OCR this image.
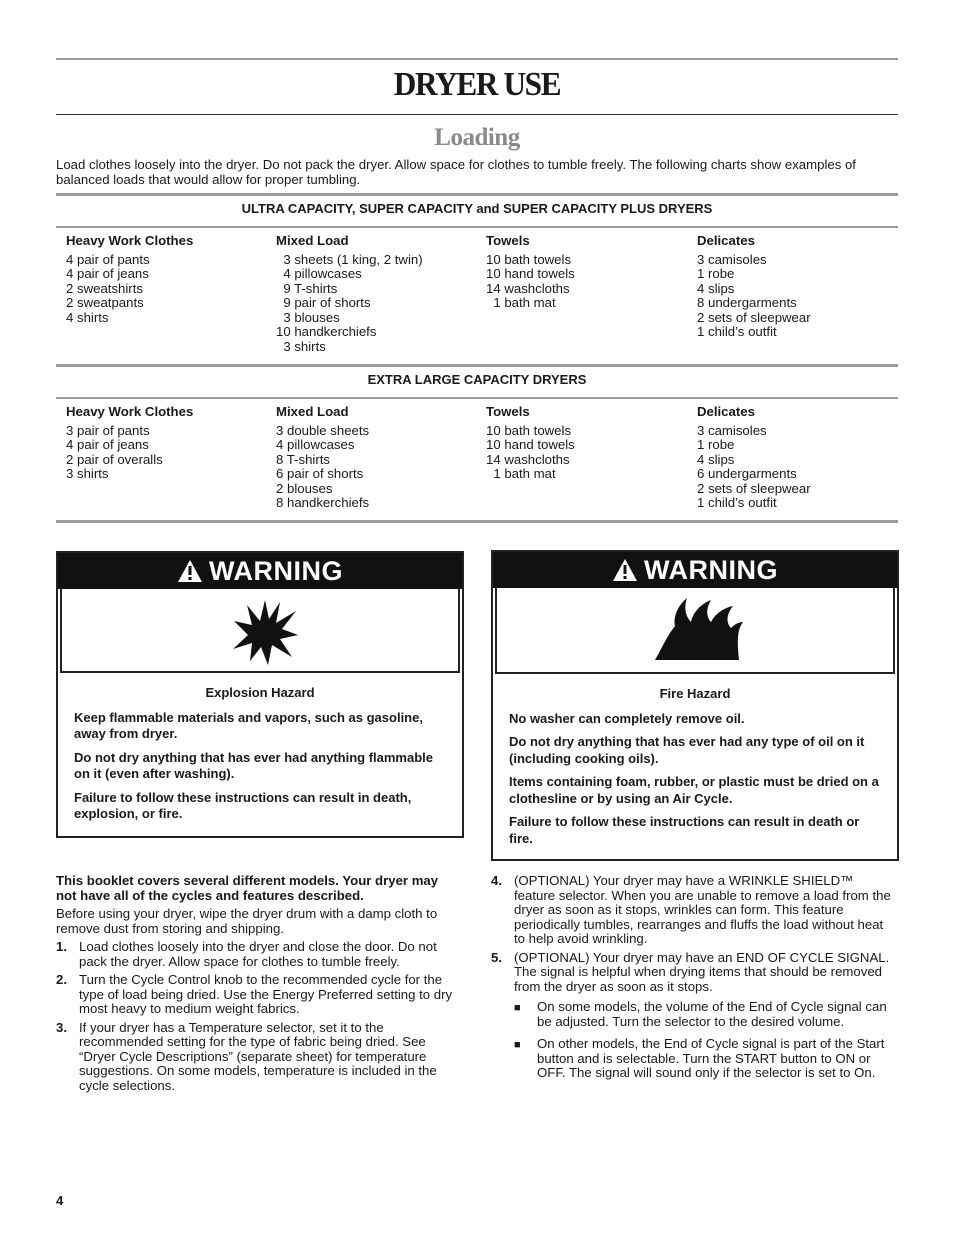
DRYER USE
Loading
Load clothes loosely into the dryer. Do not pack the dryer. Allow space for clothes to tumble freely. The following charts show examples of balanced loads that would allow for proper tumbling.
ULTRA CAPACITY, SUPER CAPACITY and SUPER CAPACITY PLUS DRYERS
Heavy Work Clothes
4 pair of pants
4 pair of jeans
2 sweatshirts
2 sweatpants
4 shirts
Mixed Load
3 sheets (1 king, 2 twin)
4 pillowcases
9 T-shirts
9 pair of shorts
3 blouses
10 handkerchiefs
3 shirts
Towels
10 bath towels
10 hand towels
14 washcloths
1 bath mat
Delicates
3 camisoles
1 robe
4 slips
8 undergarments
2 sets of sleepwear
1 child’s outfit
EXTRA LARGE CAPACITY DRYERS
Heavy Work Clothes
3 pair of pants
4 pair of jeans
2 pair of overalls
3 shirts
Mixed Load
3 double sheets
4 pillowcases
8 T-shirts
6 pair of shorts
2 blouses
8 handkerchiefs
Towels
10 bath towels
10 hand towels
14 washcloths
1 bath mat
Delicates
3 camisoles
1 robe
4 slips
6 undergarments
2 sets of sleepwear
1 child’s outfit
WARNING
Explosion Hazard

Keep flammable materials and vapors, such as gasoline, away from dryer.

Do not dry anything that has ever had anything flammable on it (even after washing).

Failure to follow these instructions can result in death, explosion, or fire.

WARNING
Fire Hazard

No washer can completely remove oil.

Do not dry anything that has ever had any type of oil on it (including cooking oils).

Items containing foam, rubber, or plastic must be dried on a clothesline or by using an Air Cycle.

Failure to follow these instructions can result in death or fire.

This booklet covers several different models. Your dryer may not have all of the cycles and features described.

Before using your dryer, wipe the dryer drum with a damp cloth to remove dust from storing and shipping.

1. Load clothes loosely into the dryer and close the door. Do not pack the dryer. Allow space for clothes to tumble freely.
2. Turn the Cycle Control knob to the recommended cycle for the type of load being dried. Use the Energy Preferred setting to dry most heavy to medium weight fabrics.
3. If your dryer has a Temperature selector, set it to the recommended setting for the type of fabric being dried. See “Dryer Cycle Descriptions” (separate sheet) for temperature suggestions. On some models, temperature is included in the cycle selections.
4. (OPTIONAL) Your dryer may have a WRINKLE SHIELD™ feature selector. When you are unable to remove a load from the dryer as soon as it stops, wrinkles can form. This feature periodically tumbles, rearranges and fluffs the load without heat to help avoid wrinkling.
5. (OPTIONAL) Your dryer may have an END OF CYCLE SIGNAL. The signal is helpful when drying items that should be removed from the dryer as soon as it stops.
■	On some models, the volume of the End of Cycle signal can be adjusted. Turn the selector to the desired volume.
■	On other models, the End of Cycle signal is part of the Start button and is selectable. Turn the START button to ON or OFF. The signal will sound only if the selector is set to On.
4
